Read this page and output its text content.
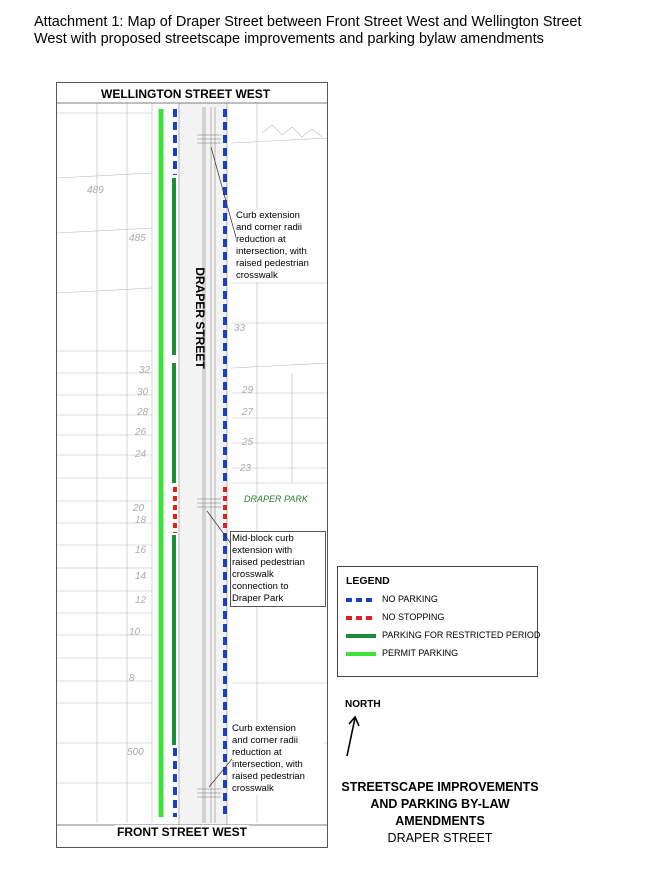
Attachment 1: Map of Draper Street between Front Street West and Wellington Street
West with proposed streetscape improvements and parking bylaw amendments
489
485
33
29
27
25
23
32
30
28
26
24
20
18
16
14
12
10
8
500
WELLINGTON STREET WEST
FRONT STREET WEST
DRAPER STREET
DRAPER PARK
Curb extension
and corner radii
reduction at
intersection, with
raised pedestrian
crosswalk
Mid-block curb
extension with
raised pedestrian
crosswalk
connection to
Draper Park
Curb extension
and corner radii
reduction at
intersection, with
raised pedestrian
crosswalk
LEGEND
NO PARKING
NO STOPPING
PARKING FOR RESTRICTED PERIOD
PERMIT PARKING
NORTH
STREETSCAPE IMPROVEMENTS
AND PARKING BY-LAW
AMENDMENTS
DRAPER STREET
